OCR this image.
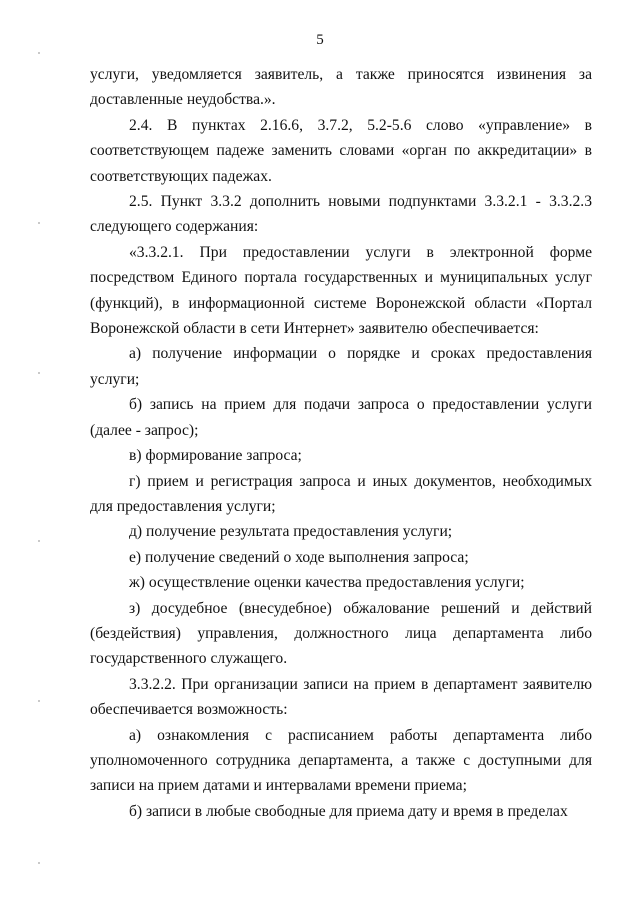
5

услуги, уведомляется заявитель, а также приносятся извинения за доставленные неудобства.».

2.4. В пунктах 2.16.6, 3.7.2, 5.2-5.6 слово «управление» в соответствующем падеже заменить словами «орган по аккредитации» в соответствующих падежах.

2.5. Пункт 3.3.2 дополнить новыми подпунктами 3.3.2.1 - 3.3.2.3 следующего содержания:

«3.3.2.1. При предоставлении услуги в электронной форме посредством Единого портала государственных и муниципальных услуг (функций), в информационной системе Воронежской области «Портал Воронежской области в сети Интернет» заявителю обеспечивается:

а) получение информации о порядке и сроках предоставления услуги;

б) запись на прием для подачи запроса о предоставлении услуги (далее - запрос);

в) формирование запроса;

г) прием и регистрация запроса и иных документов, необходимых для предоставления услуги;

д) получение результата предоставления услуги;

е) получение сведений о ходе выполнения запроса;

ж) осуществление оценки качества предоставления услуги;

з) досудебное (внесудебное) обжалование решений и действий (бездействия) управления, должностного лица департамента либо государственного служащего.

3.3.2.2. При организации записи на прием в департамент заявителю обеспечивается возможность:

а) ознакомления с расписанием работы департамента либо уполномоченного сотрудника департамента, а также с доступными для записи на прием датами и интервалами времени приема;

б) записи в любые свободные для приема дату и время в пределах
